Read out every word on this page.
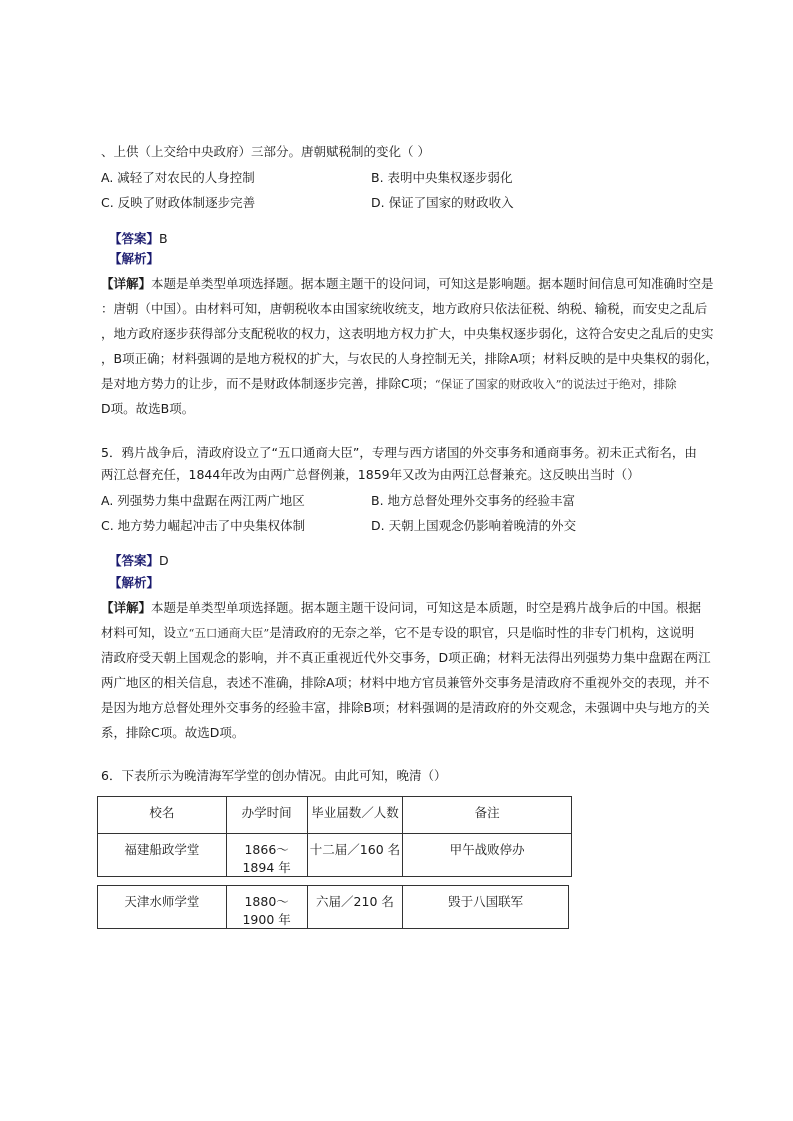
、上供（上交给中央政府）三部分。唐朝赋税制的变化（ ）
A. 减轻了对农民的人身控制	B. 表明中央集权逐步弱化
C. 反映了财政体制逐步完善	D. 保证了国家的财政收入
【答案】B
【解析】
【详解】本题是单类型单项选择题。据本题主题干的设问词，可知这是影响题。据本题时间信息可知准确时空是
：唐朝（中国）。由材料可知，唐朝税收本由国家统收统支，地方政府只依法征税、纳税、输税，而安史之乱后
，地方政府逐步获得部分支配税收的权力，这表明地方权力扩大，中央集权逐步弱化，这符合安史之乱后的史实
，B项正确；材料强调的是地方税权的扩大，与农民的人身控制无关，排除A项；材料反映的是中央集权的弱化，
是对地方势力的让步，而不是财政体制逐步完善，排除C项；“保证了国家的财政收入”的说法过于绝对，排除
D项。故选B项。
5．鸦片战争后，清政府设立了“五口通商大臣”，专理与西方诸国的外交事务和通商事务。初未正式衔名，由
两江总督充任，1844年改为由两广总督例兼，1859年又改为由两江总督兼充。这反映出当时（）
A. 列强势力集中盘踞在两江两广地区	B. 地方总督处理外交事务的经验丰富
C. 地方势力崛起冲击了中央集权体制	D. 天朝上国观念仍影响着晚清的外交
【答案】D
【解析】
【详解】本题是单类型单项选择题。据本题主题干设问词，可知这是本质题，时空是鸦片战争后的中国。根据
材料可知，设立“五口通商大臣”是清政府的无奈之举，它不是专设的职官，只是临时性的非专门机构，这说明
清政府受天朝上国观念的影响，并不真正重视近代外交事务，D项正确；材料无法得出列强势力集中盘踞在两江
两广地区的相关信息，表述不准确，排除A项；材料中地方官员兼管外交事务是清政府不重视外交的表现，并不
是因为地方总督处理外交事务的经验丰富，排除B项；材料强调的是清政府的外交观念，未强调中央与地方的关
系，排除C项。故选D项。
6．下表所示为晚清海军学堂的创办情况。由此可知，晚清（）
校名	办学时间	毕业届数／人数	备注
福建船政学堂	1866～1894 年	十二届／160 名	甲午战败停办
天津水师学堂	1880～1900 年	六届／210 名	毁于八国联军
